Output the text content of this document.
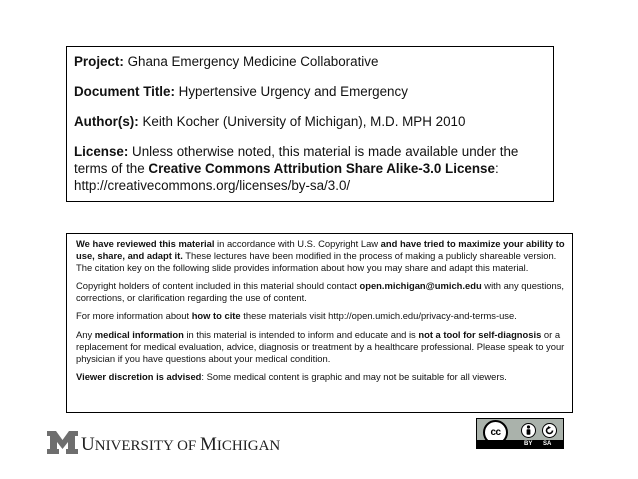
Project: Ghana Emergency Medicine Collaborative

Document Title: Hypertensive Urgency and Emergency

Author(s): Keith Kocher (University of Michigan), M.D. MPH 2010

License: Unless otherwise noted, this material is made available under the terms of the Creative Commons Attribution Share Alike-3.0 License:
http://creativecommons.org/licenses/by-sa/3.0/

We have reviewed this material in accordance with U.S. Copyright Law and have tried to maximize your ability to use, share, and adapt it. These lectures have been modified in the process of making a publicly shareable version. The citation key on the following slide provides information about how you may share and adapt this material.

Copyright holders of content included in this material should contact open.michigan@umich.edu with any questions, corrections, or clarification regarding the use of content.

For more information about how to cite these materials visit http://open.umich.edu/privacy-and-terms-use.

Any medical information in this material is intended to inform and educate and is not a tool for self-diagnosis or a replacement for medical evaluation, advice, diagnosis or treatment by a healthcare professional. Please speak to your physician if you have questions about your medical condition.

Viewer discretion is advised: Some medical content is graphic and may not be suitable for all viewers.

UNIVERSITY OF MICHIGAN
cc
BY SA
